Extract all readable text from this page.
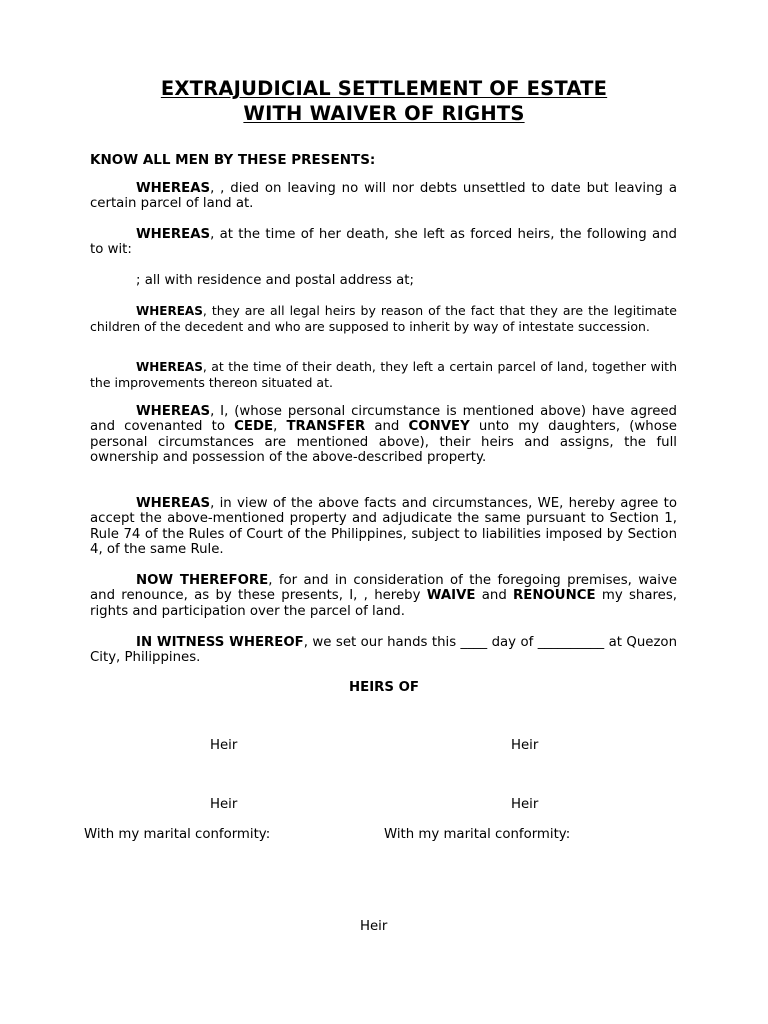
EXTRAJUDICIAL SETTLEMENT OF ESTATE
WITH WAIVER OF RIGHTS
KNOW ALL MEN BY THESE PRESENTS:

WHEREAS, , died on leaving no will nor debts unsettled to date but leaving a certain parcel of land at.

WHEREAS, at the time of her death, she left as forced heirs, the following and to wit:

; all with residence and postal address at;

WHEREAS, they are all legal heirs by reason of the fact that they are the legitimate children of the decedent and who are supposed to inherit by way of intestate succession.

WHEREAS, at the time of their death, they left a certain parcel of land, together with the improvements thereon situated at.

WHEREAS, I, (whose personal circumstance is mentioned above) have agreed and covenanted to CEDE, TRANSFER and CONVEY unto my daughters, (whose personal circumstances are mentioned above), their heirs and assigns, the full ownership and possession of the above-described property.

WHEREAS, in view of the above facts and circumstances, WE, hereby agree to accept the above-mentioned property and adjudicate the same pursuant to Section 1, Rule 74 of the Rules of Court of the Philippines, subject to liabilities imposed by Section 4, of the same Rule.

NOW THEREFORE, for and in consideration of the foregoing premises, waive and renounce, as by these presents, I, , hereby WAIVE and RENOUNCE my shares, rights and participation over the parcel of land.

IN WITNESS WHEREOF, we set our hands this ____ day of __________ at Quezon City, Philippines.

HEIRS OF
Heir	Heir
Heir	Heir
With my marital conformity:	With my marital conformity:
Heir
